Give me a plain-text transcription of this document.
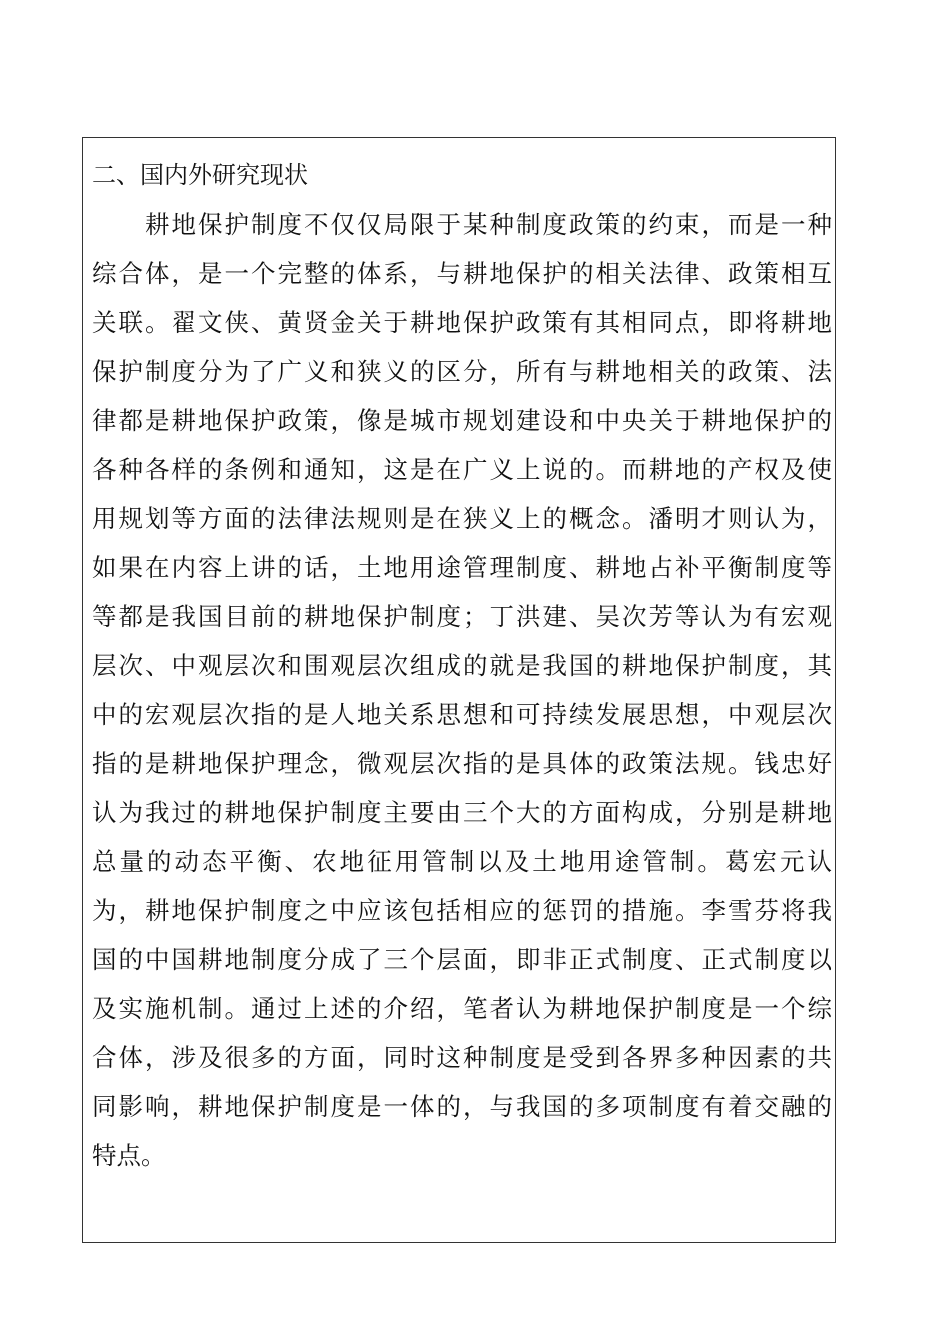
二、国内外研究现状
耕地保护制度不仅仅局限于某种制度政策的约束，而是一种
综合体，是一个完整的体系，与耕地保护的相关法律、政策相互
关联。翟文侠、黄贤金关于耕地保护政策有其相同点，即将耕地
保护制度分为了广义和狭义的区分，所有与耕地相关的政策、法
律都是耕地保护政策，像是城市规划建设和中央关于耕地保护的
各种各样的条例和通知，这是在广义上说的。而耕地的产权及使
用规划等方面的法律法规则是在狭义上的概念。潘明才则认为，
如果在内容上讲的话，土地用途管理制度、耕地占补平衡制度等
等都是我国目前的耕地保护制度；丁洪建、吴次芳等认为有宏观
层次、中观层次和围观层次组成的就是我国的耕地保护制度，其
中的宏观层次指的是人地关系思想和可持续发展思想，中观层次
指的是耕地保护理念，微观层次指的是具体的政策法规。钱忠好
认为我过的耕地保护制度主要由三个大的方面构成，分别是耕地
总量的动态平衡、农地征用管制以及土地用途管制。葛宏元认
为，耕地保护制度之中应该包括相应的惩罚的措施。李雪芬将我
国的中国耕地制度分成了三个层面，即非正式制度、正式制度以
及实施机制。通过上述的介绍，笔者认为耕地保护制度是一个综
合体，涉及很多的方面，同时这种制度是受到各界多种因素的共
同影响，耕地保护制度是一体的，与我国的多项制度有着交融的
特点。
